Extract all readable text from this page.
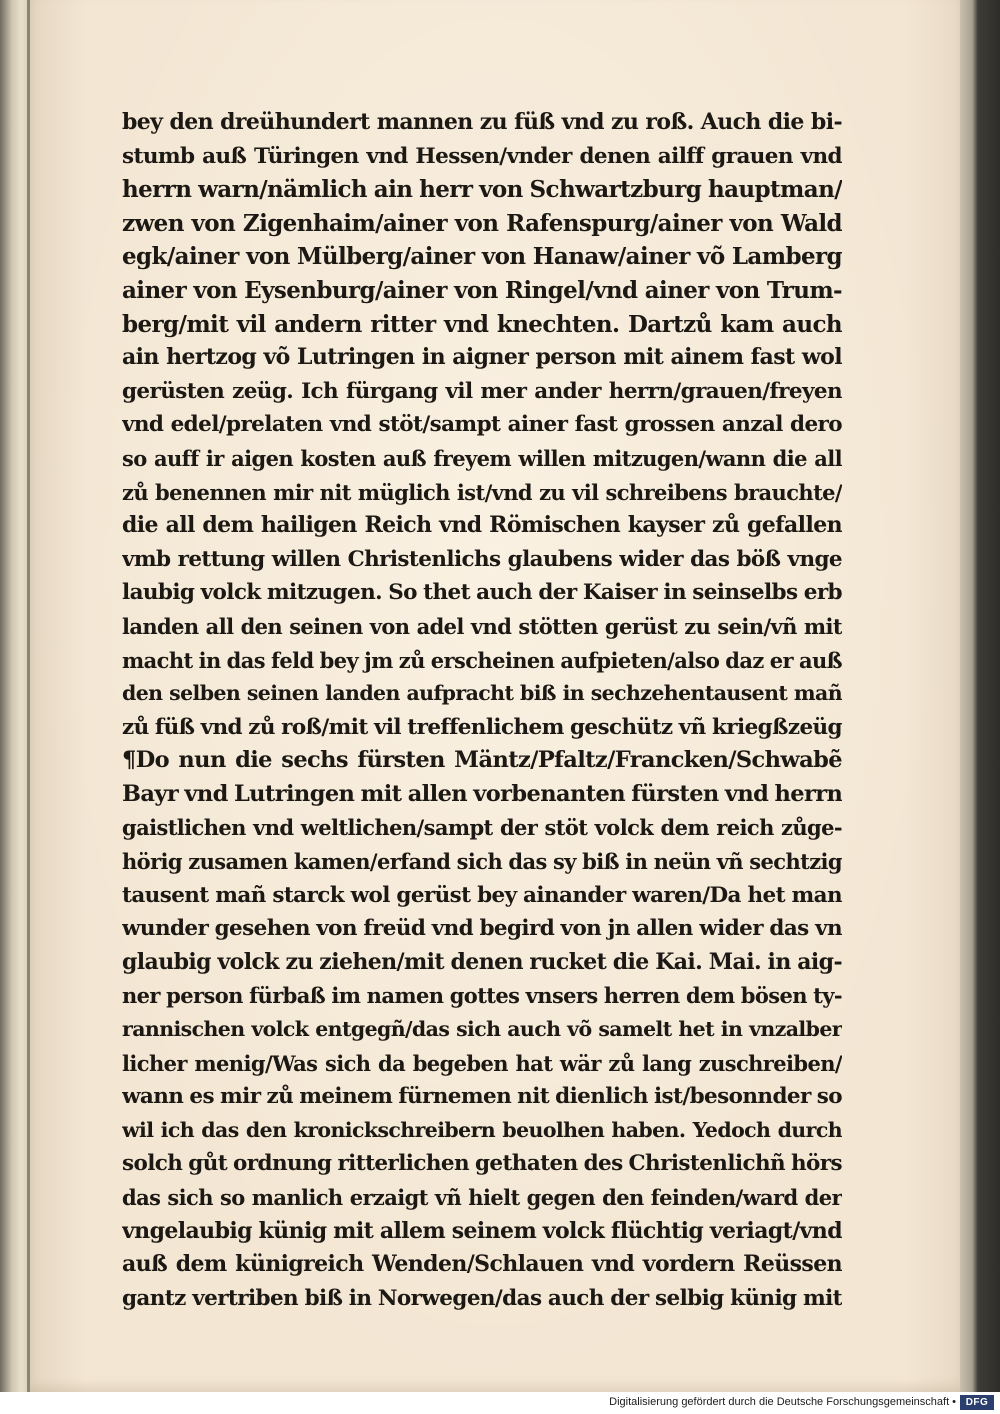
bey den dreühundert mannen zu füß vnd zu roß. Auch die bi-
stumb auß Türingen vnd Hessen/vnder denen ailff grauen vnd
herrn warn/nämlich ain herr von Schwartzburg hauptman/
zwen von Zigenhaim/ainer von Rafenspurg/ainer von Wald
egk/ainer von Mülberg/ainer von Hanaw/ainer võ Lamberg
ainer von Eysenburg/ainer von Ringel/vnd ainer von Trum-
berg/mit vil andern ritter vnd knechten. Dartzů kam auch
ain hertzog võ Lutringen in aigner person mit ainem fast wol
gerüsten zeüg. Ich fürgang vil mer ander herrn/grauen/freyen
vnd edel/prelaten vnd stöt/sampt ainer fast grossen anzal dero
so auff ir aigen kosten auß freyem willen mitzugen/wann die all
zů benennen mir nit müglich ist/vnd zu vil schreibens brauchte/
die all dem hailigen Reich vnd Römischen kayser zů gefallen
vmb rettung willen Christenlichs glaubens wider das böß vnge
laubig volck mitzugen. So thet auch der Kaiser in seinselbs erb
landen all den seinen von adel vnd stötten gerüst zu sein/vñ mit
macht in das feld bey jm zů erscheinen aufpieten/also daz er auß
den selben seinen landen aufpracht biß in sechzehentausent mañ
zů füß vnd zů roß/mit vil treffenlichem geschütz vñ kriegßzeüg
¶Do nun die sechs fürsten Mäntz/Pfaltz/Francken/Schwabẽ
Bayr vnd Lutringen mit allen vorbenanten fürsten vnd herrn
gaistlichen vnd weltlichen/sampt der stöt volck dem reich zůge-
hörig zusamen kamen/erfand sich das sy biß in neün vñ sechtzig
tausent mañ starck wol gerüst bey ainander waren/Da het man
wunder gesehen von freüd vnd begird von jn allen wider das vn
glaubig volck zu ziehen/mit denen rucket die Kai. Mai. in aig-
ner person fürbaß im namen gottes vnsers herren dem bösen ty-
rannischen volck entgegñ/das sich auch võ samelt het in vnzalber
licher menig/Was sich da begeben hat wär zů lang zuschreiben/
wann es mir zů meinem fürnemen nit dienlich ist/besonnder so
wil ich das den kronickschreibern beuolhen haben. Yedoch durch
solch gůt ordnung ritterlichen gethaten des Christenlichñ hörs
das sich so manlich erzaigt vñ hielt gegen den feinden/ward der
vngelaubig künig mit allem seinem volck flüchtig veriagt/vnd
auß dem künigreich Wenden/Schlauen vnd vordern Reüssen
gantz vertriben biß in Norwegen/das auch der selbig künig mit
Digitalisierung gefördert durch die Deutsche Forschungsgemeinschaft • DFG
